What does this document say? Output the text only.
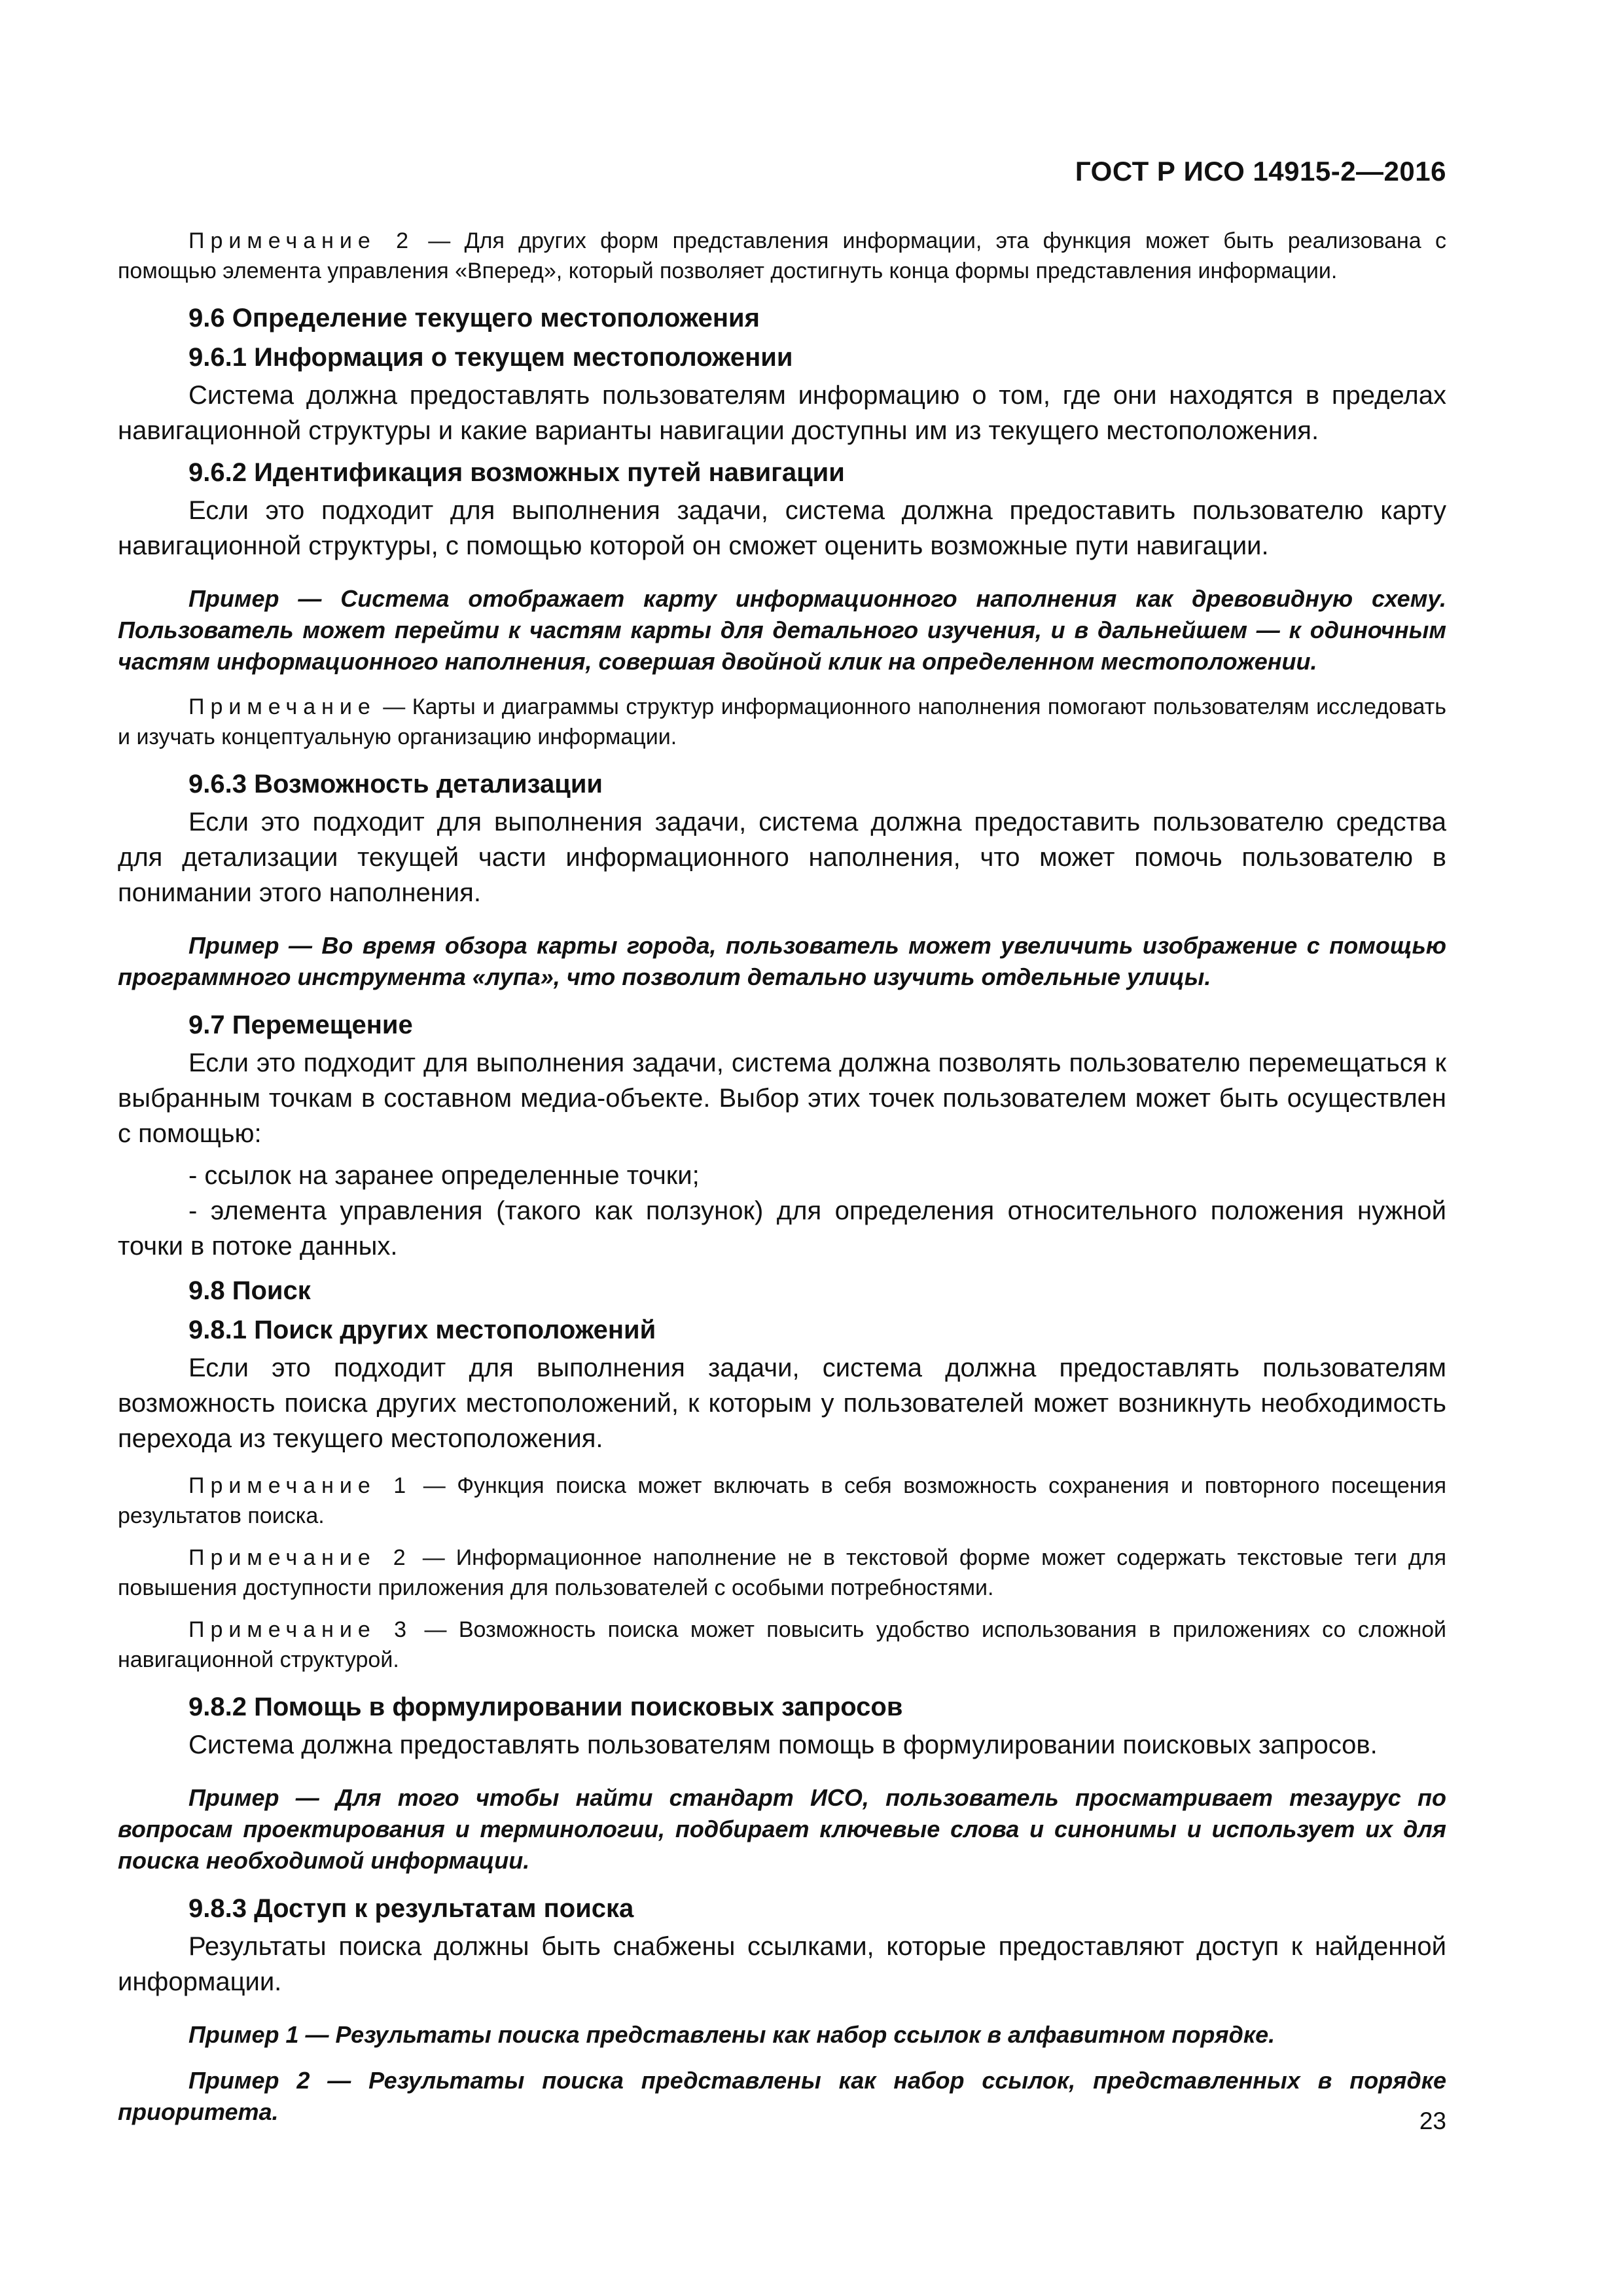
ГОСТ Р ИСО 14915-2—2016
Примечание 2 — Для других форм представления информации, эта функция может быть реализована с помощью элемента управления «Вперед», который позволяет достигнуть конца формы представления информации.
9.6 Определение текущего местоположения
9.6.1 Информация о текущем местоположении
Система должна предоставлять пользователям информацию о том, где они находятся в пределах навигационной структуры и какие варианты навигации доступны им из текущего местоположения.
9.6.2 Идентификация возможных путей навигации
Если это подходит для выполнения задачи, система должна предоставить пользователю карту навигационной структуры, с помощью которой он сможет оценить возможные пути навигации.
Пример — Система отображает карту информационного наполнения как древовидную схему. Пользователь может перейти к частям карты для детального изучения, и в дальнейшем — к одиночным частям информационного наполнения, совершая двойной клик на определенном местоположении.
Примечание — Карты и диаграммы структур информационного наполнения помогают пользователям исследовать и изучать концептуальную организацию информации.
9.6.3 Возможность детализации
Если это подходит для выполнения задачи, система должна предоставить пользователю средства для детализации текущей части информационного наполнения, что может помочь пользователю в понимании этого наполнения.
Пример — Во время обзора карты города, пользователь может увеличить изображение с помощью программного инструмента «лупа», что позволит детально изучить отдельные улицы.
9.7 Перемещение
Если это подходит для выполнения задачи, система должна позволять пользователю перемещаться к выбранным точкам в составном медиа-объекте. Выбор этих точек пользователем может быть осуществлен с помощью:
- ссылок на заранее определенные точки;
- элемента управления (такого как ползунок) для определения относительного положения нужной точки в потоке данных.
9.8 Поиск
9.8.1 Поиск других местоположений
Если это подходит для выполнения задачи, система должна предоставлять пользователям возможность поиска других местоположений, к которым у пользователей может возникнуть необходимость перехода из текущего местоположения.
Примечание 1 — Функция поиска может включать в себя возможность сохранения и повторного посещения результатов поиска.
Примечание 2 — Информационное наполнение не в текстовой форме может содержать текстовые теги для повышения доступности приложения для пользователей с особыми потребностями.
Примечание 3 — Возможность поиска может повысить удобство использования в приложениях со сложной навигационной структурой.
9.8.2 Помощь в формулировании поисковых запросов
Система должна предоставлять пользователям помощь в формулировании поисковых запросов.
Пример — Для того чтобы найти стандарт ИСО, пользователь просматривает тезаурус по вопросам проектирования и терминологии, подбирает ключевые слова и синонимы и использует их для поиска необходимой информации.
9.8.3 Доступ к результатам поиска
Результаты поиска должны быть снабжены ссылками, которые предоставляют доступ к найденной информации.
Пример 1 — Результаты поиска представлены как набор ссылок в алфавитном порядке.
Пример 2 — Результаты поиска представлены как набор ссылок, представленных в порядке приоритета.	23
